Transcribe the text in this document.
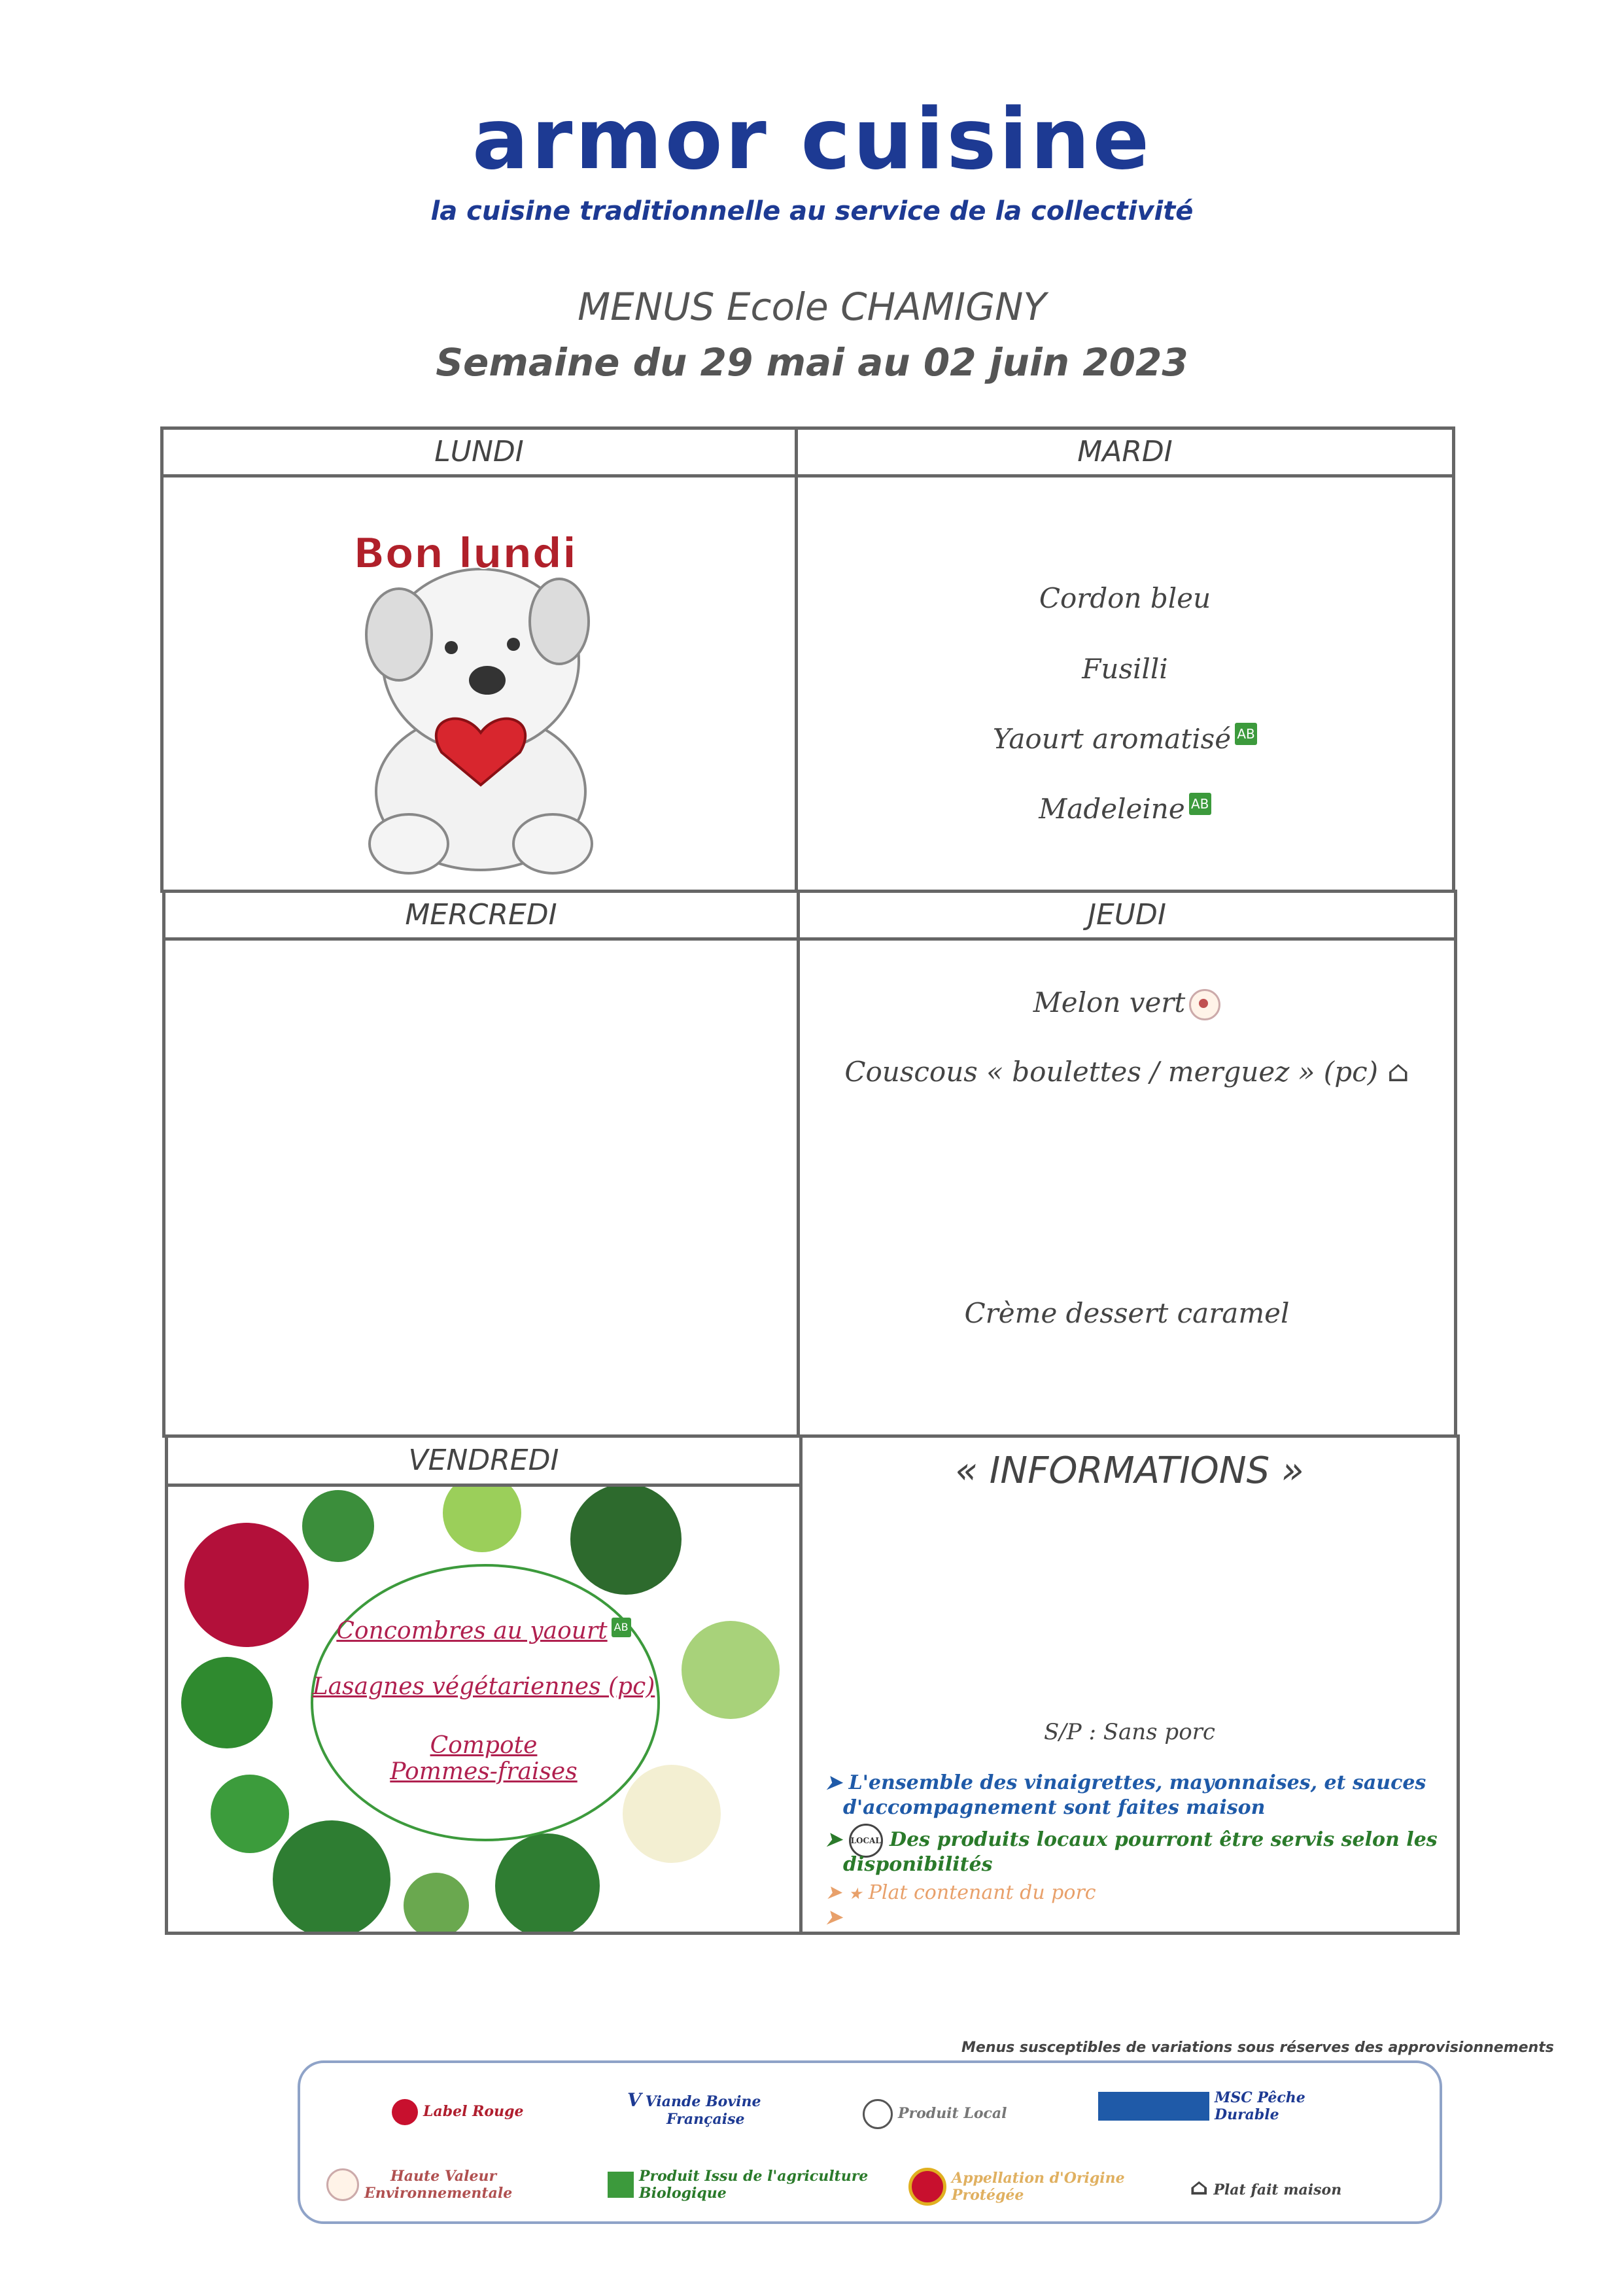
armor cuisine
la cuisine traditionnelle au service de la collectivité
MENUS Ecole CHAMIGNY
Semaine du 29 mai au 02 juin 2023
LUNDI	MARDI
Bon lundi
Cordon bleu
Fusilli
Yaourt aromatisé AB
Madeleine AB
MERCREDI	JEUDI
Melon vert
Couscous « boulettes / merguez » (pc) ⌂
Crème dessert caramel
VENDREDI
Concombres au yaourt AB
Lasagnes végétariennes (pc)
Compote
Pommes-fraises
« INFORMATIONS »
S/P : Sans porc
➤ L'ensemble des vinaigrettes, mayonnaises, et sauces
d'accompagnement sont faites maison
➤ LOCAL Des produits locaux pourront être servis selon les
disponibilités
➤ ★ Plat contenant du porc
➤
Menus susceptibles de variations sous réserves des approvisionnements
Label Rouge
V Viande Bovine
Française	Produit Local
MSC Pêche
Durable
Haute Valeur
Environnementale
Produit Issu de l'agriculture
Biologique
Appellation d'Origine
Protégée	⌂ Plat fait maison
